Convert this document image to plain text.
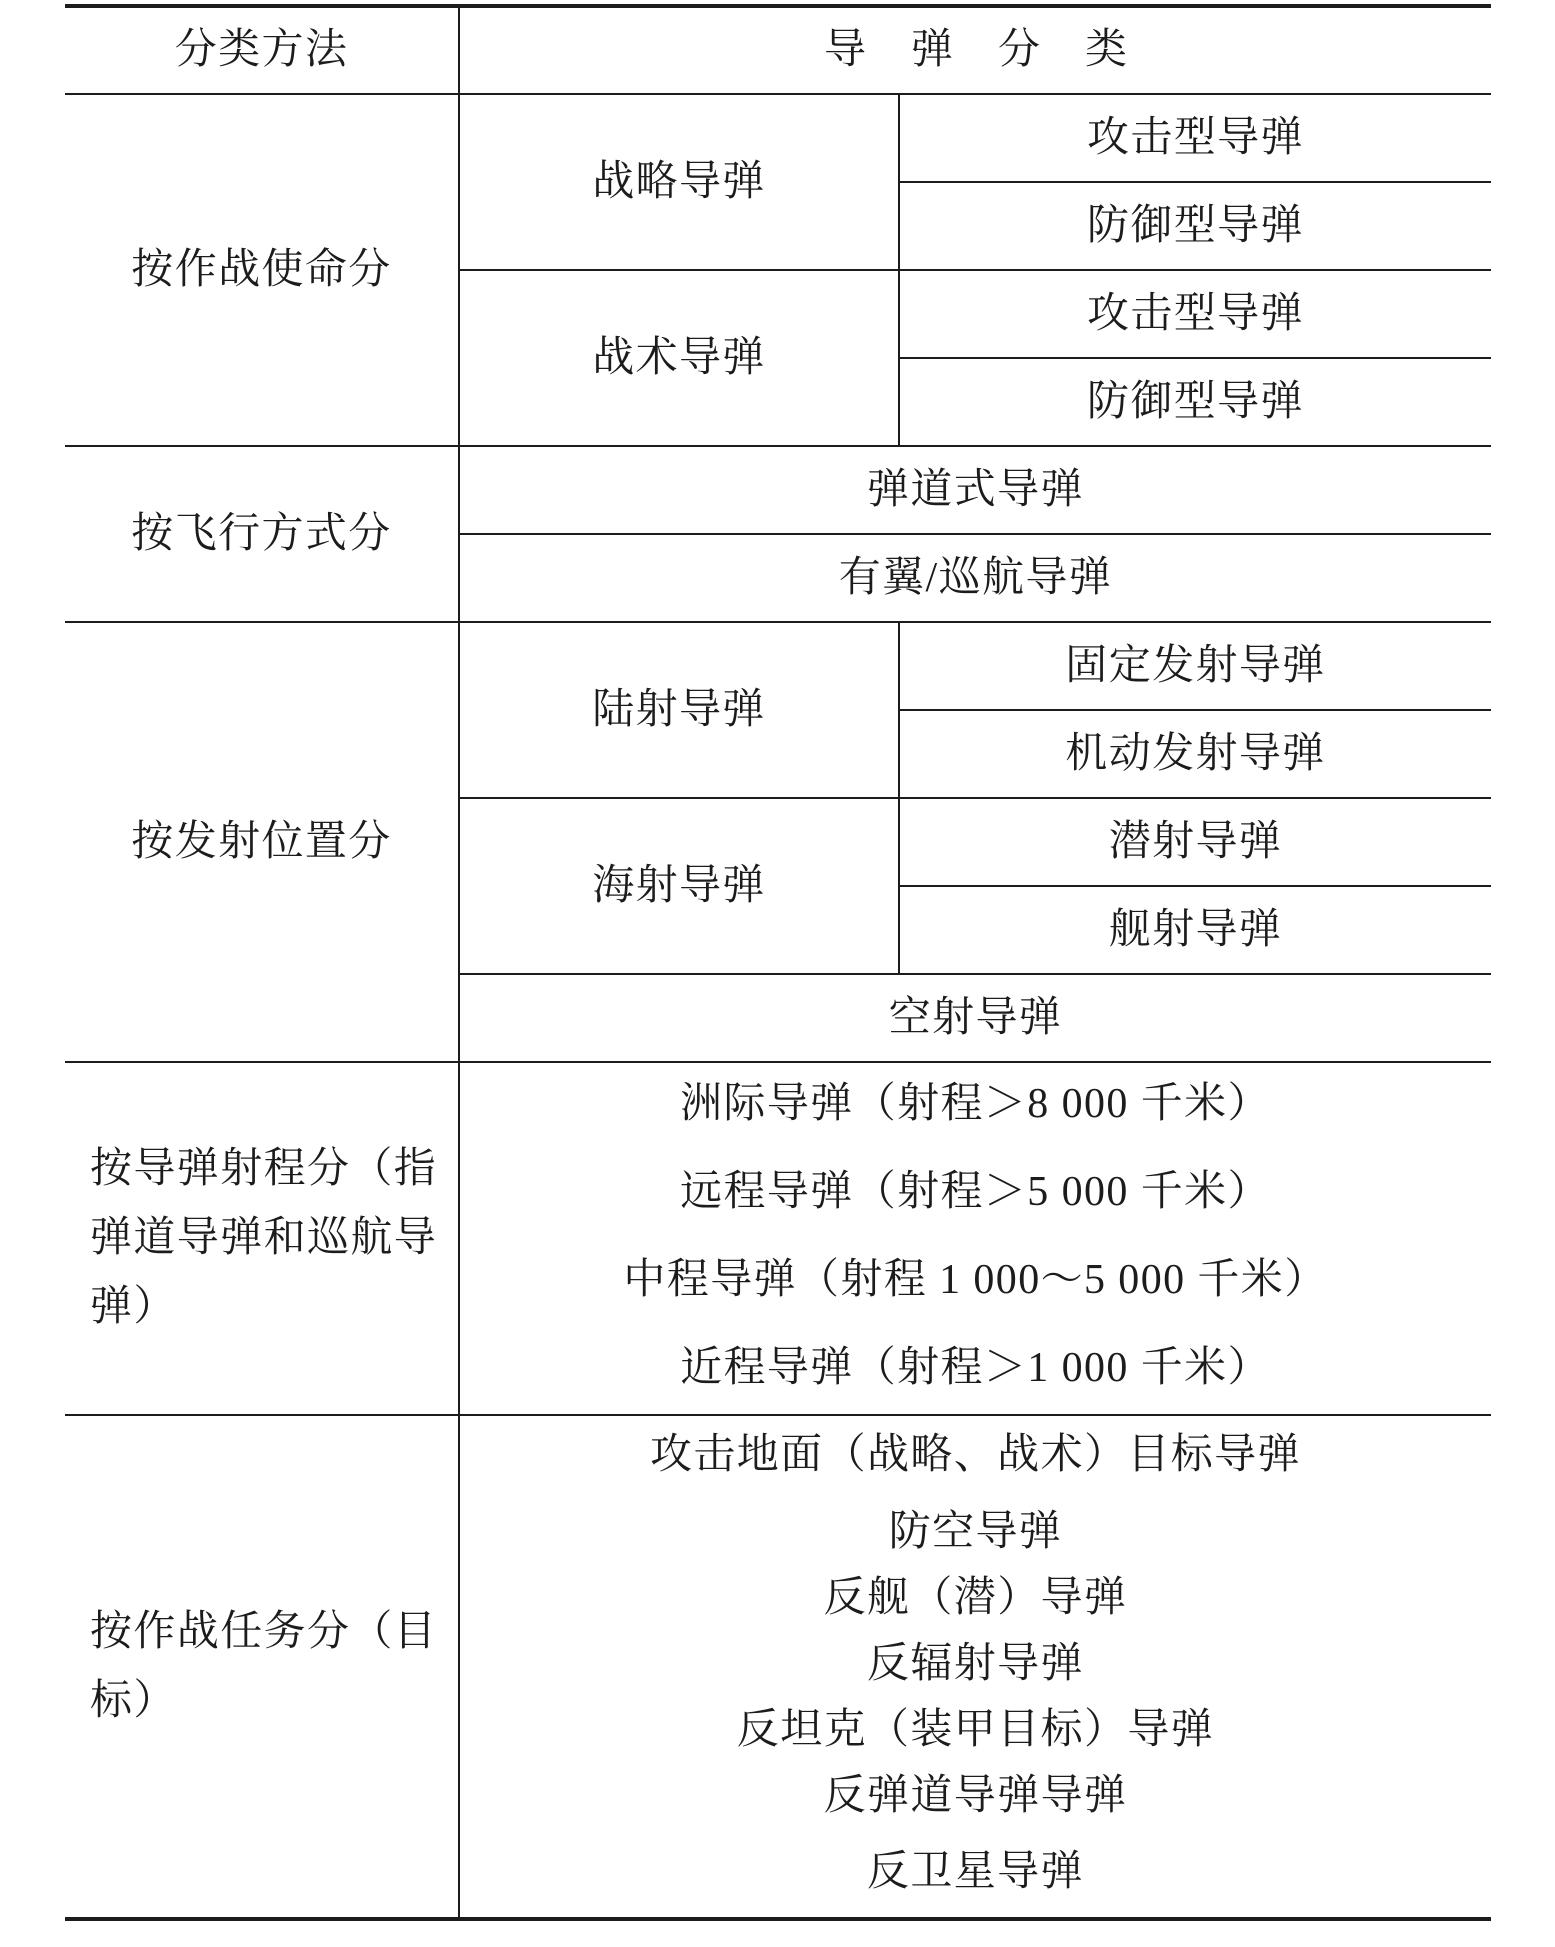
分类方法	导弹分类
按作战使命分
战略导弹
攻击型导弹
防御型导弹
战术导弹
攻击型导弹
防御型导弹
按飞行方式分
弹道式导弹
有翼/巡航导弹
按发射位置分
陆射导弹
固定发射导弹
机动发射导弹
海射导弹
潜射导弹
舰射导弹
空射导弹
按导弹射程分（指弹道导弹和巡航导弹）
洲际导弹（射程＞8 000 千米）
远程导弹（射程＞5 000 千米）
中程导弹（射程 1 000～5 000 千米）
近程导弹（射程＞1 000 千米）
按作战任务分（目标）
攻击地面（战略、战术）目标导弹
防空导弹
反舰（潜）导弹
反辐射导弹
反坦克（装甲目标）导弹
反弹道导弹导弹
反卫星导弹
